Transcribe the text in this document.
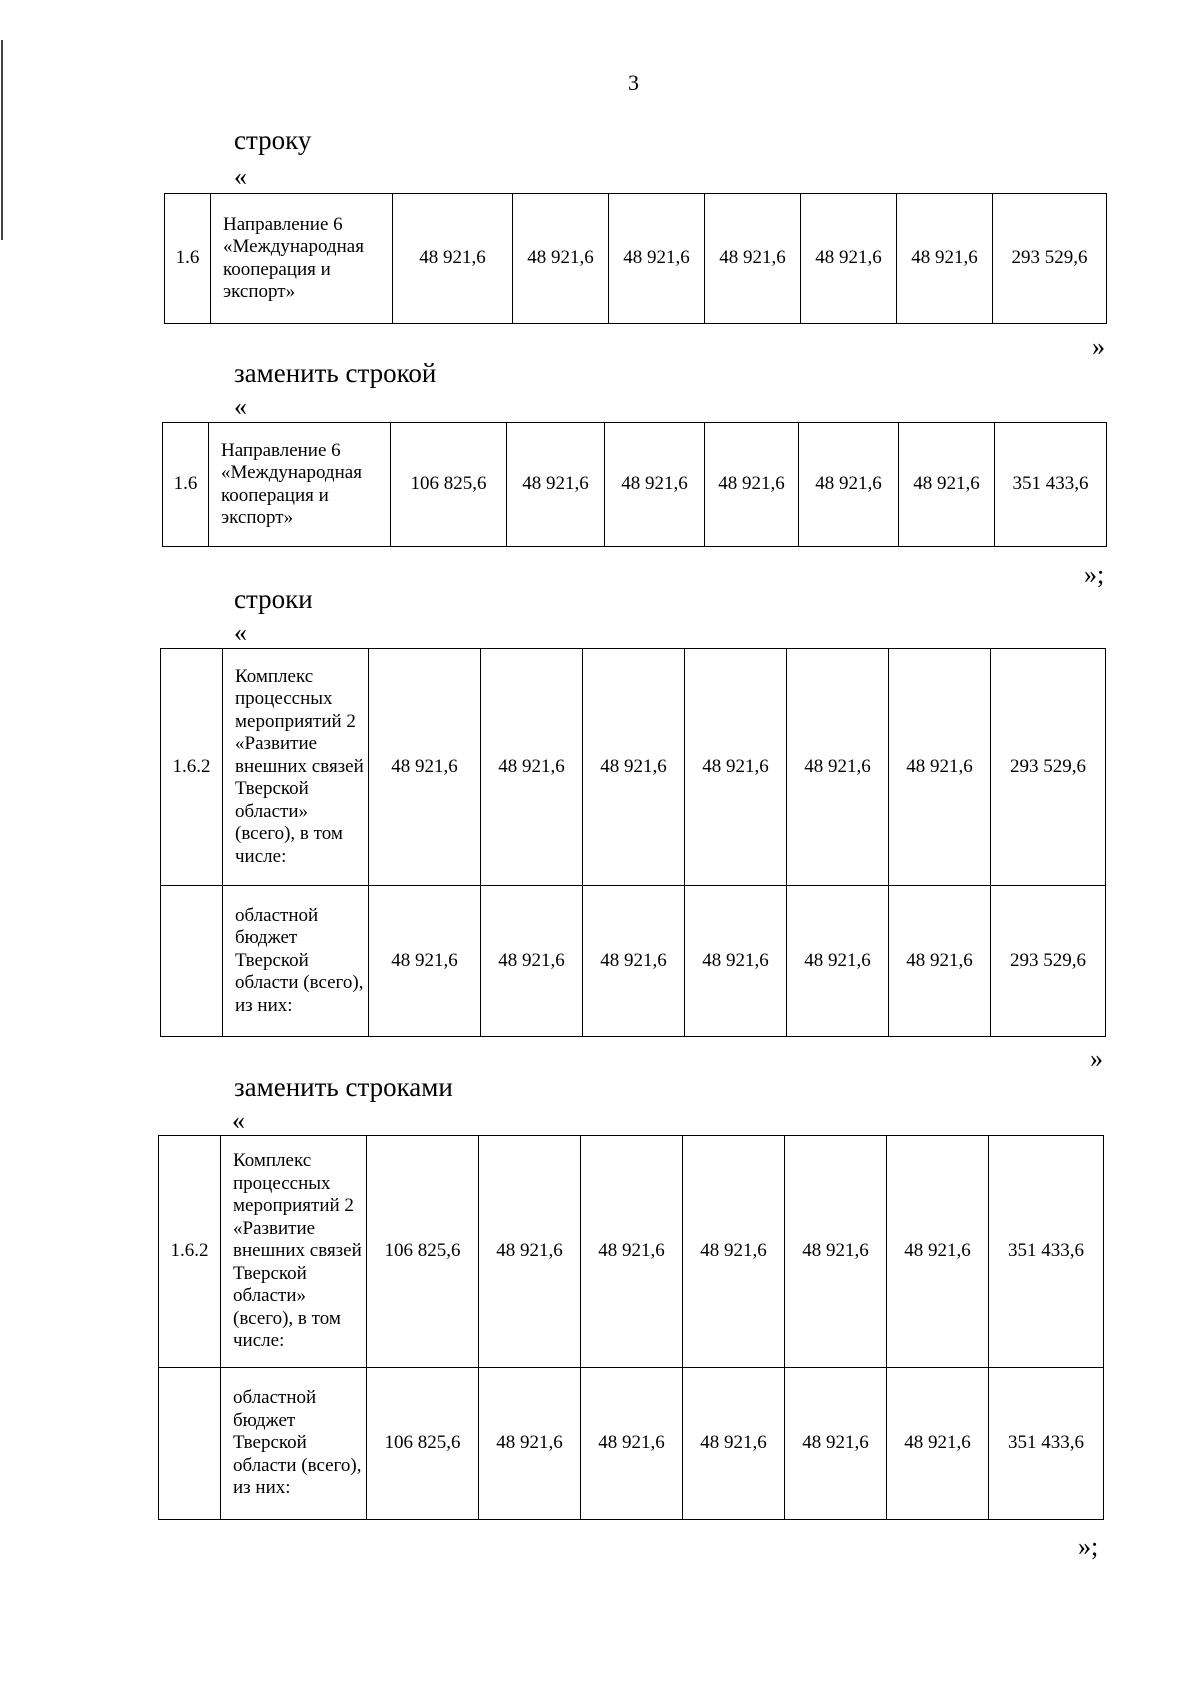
3
строку
«
1.6	Направление 6 «Международная кооперация и экспорт»	48 921,6	48 921,6	48 921,6	48 921,6	48 921,6	48 921,6	293 529,6
»
заменить строкой
«
1.6	Направление 6 «Международная кооперация и экспорт»	106 825,6	48 921,6	48 921,6	48 921,6	48 921,6	48 921,6	351 433,6
»;
строки
«
1.6.2	Комплекс процессных мероприятий 2 «Развитие внешних связей Тверской области» (всего), в том числе:	48 921,6	48 921,6	48 921,6	48 921,6	48 921,6	48 921,6	293 529,6
	областной бюджет Тверской области (всего), из них:	48 921,6	48 921,6	48 921,6	48 921,6	48 921,6	48 921,6	293 529,6
»
заменить строками
«
1.6.2	Комплекс процессных мероприятий 2 «Развитие внешних связей Тверской области» (всего), в том числе:	106 825,6	48 921,6	48 921,6	48 921,6	48 921,6	48 921,6	351 433,6
	областной бюджет Тверской области (всего), из них:	106 825,6	48 921,6	48 921,6	48 921,6	48 921,6	48 921,6	351 433,6
»;
